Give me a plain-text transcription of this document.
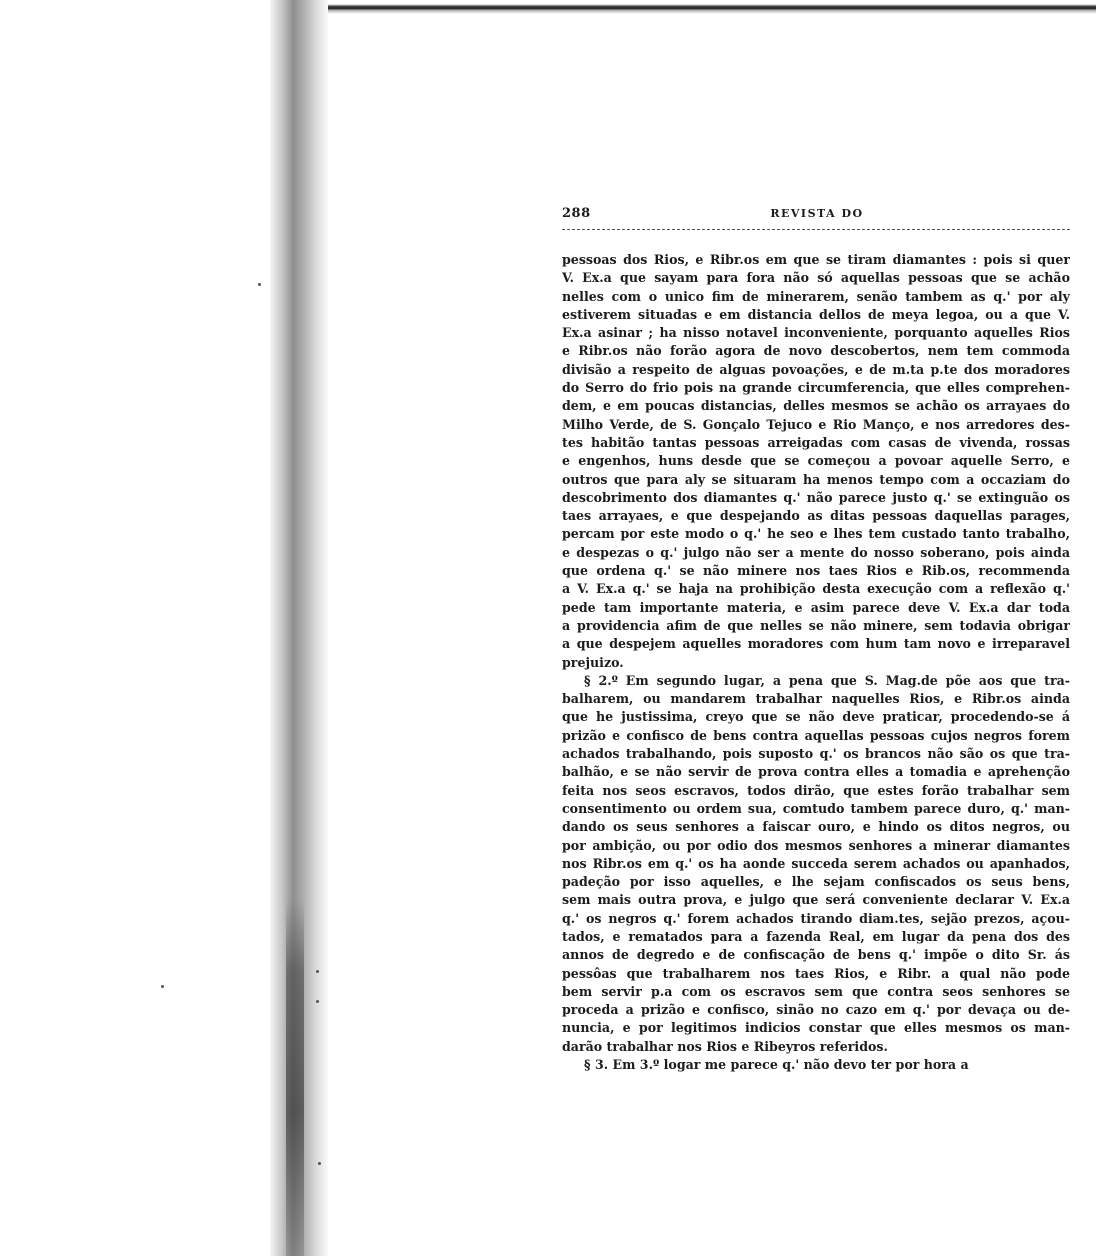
288	REVISTA DO
pessoas dos Rios, e Ribr.os em que se tiram diamantes : pois si quer
V. Ex.a que sayam para fora não só aquellas pessoas que se achão
nelles com o unico fim de minerarem, senão tambem as q.' por aly
estiverem situadas e em distancia dellos de meya legoa, ou a que V.
Ex.a asinar ; ha nisso notavel inconveniente, porquanto aquelles Rios
e Ribr.os não forão agora de novo descobertos, nem tem commoda
divisão a respeito de alguas povoações, e de m.ta p.te dos moradores
do Serro do frio pois na grande circumferencia, que elles comprehen-
dem, e em poucas distancias, delles mesmos se achão os arrayaes do
Milho Verde, de S. Gonçalo Tejuco e Rio Manço, e nos arredores des-
tes habitão tantas pessoas arreigadas com casas de vivenda, rossas
e engenhos, huns desde que se começou a povoar aquelle Serro, e
outros que para aly se situaram ha menos tempo com a occaziam do
descobrimento dos diamantes q.' não parece justo q.' se extinguão os
taes arrayaes, e que despejando as ditas pessoas daquellas parages,
percam por este modo o q.' he seo e lhes tem custado tanto trabalho,
e despezas o q.' julgo não ser a mente do nosso soberano, pois ainda
que ordena q.' se não minere nos taes Rios e Rib.os, recommenda
a V. Ex.a q.' se haja na prohibição desta execução com a reflexão q.'
pede tam importante materia, e asim parece deve V. Ex.a dar toda
a providencia afim de que nelles se não minere, sem todavia obrigar
a que despejem aquelles moradores com hum tam novo e irreparavel
prejuizo.
§ 2.º Em segundo lugar, a pena que S. Mag.de põe aos que tra-
balharem, ou mandarem trabalhar naquelles Rios, e Ribr.os ainda
que he justissima, creyo que se não deve praticar, procedendo-se á
prizão e confisco de bens contra aquellas pessoas cujos negros forem
achados trabalhando, pois suposto q.' os brancos não são os que tra-
balhão, e se não servir de prova contra elles a tomadia e aprehenção
feita nos seos escravos, todos dirão, que estes forão trabalhar sem
consentimento ou ordem sua, comtudo tambem parece duro, q.' man-
dando os seus senhores a faiscar ouro, e hindo os ditos negros, ou
por ambição, ou por odio dos mesmos senhores a minerar diamantes
nos Ribr.os em q.' os ha aonde succeda serem achados ou apanhados,
padeção por isso aquelles, e lhe sejam confiscados os seus bens,
sem mais outra prova, e julgo que será conveniente declarar V. Ex.a
q.' os negros q.' forem achados tirando diam.tes, sejão prezos, açou-
tados, e rematados para a fazenda Real, em lugar da pena dos des
annos de degredo e de confiscação de bens q.' impõe o dito Sr. ás
pessôas que trabalharem nos taes Rios, e Ribr. a qual não pode
bem servir p.a com os escravos sem que contra seos senhores se
proceda a prizão e confisco, sinão no cazo em q.' por devaça ou de-
nuncia, e por legitimos indicios constar que elles mesmos os man-
darão trabalhar nos Rios e Ribeyros referidos.
§ 3. Em 3.º logar me parece q.' não devo ter por hora a
